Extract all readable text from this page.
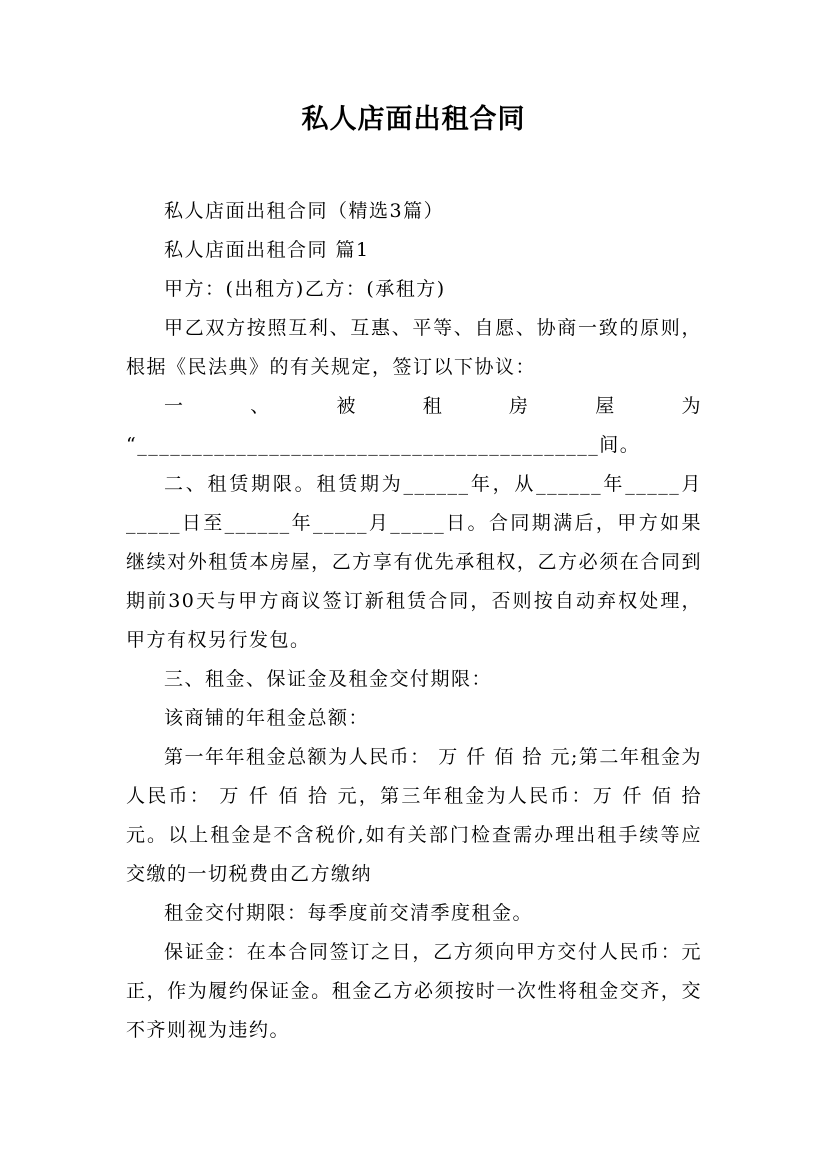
私人店面出租合同

私人店面出租合同（精选3篇）

私人店面出租合同 篇1

甲方：(出租方)乙方：(承租方)

甲乙双方按照互利、互惠、平等、自愿、协商一致的原则，根据《民法典》的有关规定，签订以下协议：

一 、 被 租 房 屋 为

“__________________________________________间。

二、租赁期限。租赁期为______年，从______年_____月_____日至______年_____月_____日。合同期满后，甲方如果继续对外租赁本房屋，乙方享有优先承租权，乙方必须在合同到期前30天与甲方商议签订新租赁合同，否则按自动弃权处理，甲方有权另行发包。

三、租金、保证金及租金交付期限：

该商铺的年租金总额：

第一年年租金总额为人民币： 万 仟 佰 拾 元;第二年租金为人民币： 万 仟 佰 拾 元，第三年租金为人民币：万 仟 佰 拾 元。以上租金是不含税价,如有关部门检查需办理出租手续等应交缴的一切税费由乙方缴纳

租金交付期限：每季度前交清季度租金。

保证金：在本合同签订之日，乙方须向甲方交付人民币：元正，作为履约保证金。租金乙方必须按时一次性将租金交齐，交不齐则视为违约。
